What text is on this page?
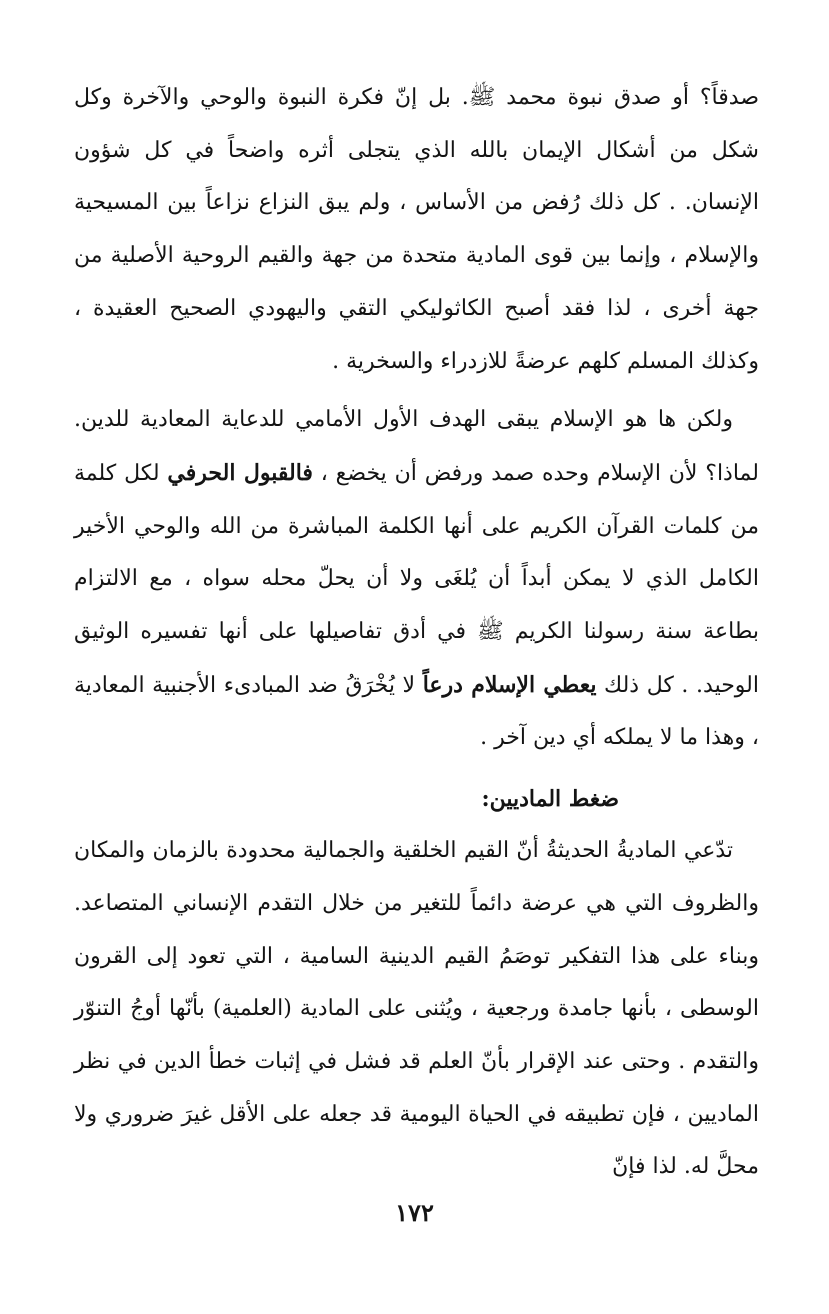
صدقاً؟ أو صدق نبوة محمد ﷺ. بل إنّ فكرة النبوة والوحي والآخرة وكل شكل من أشكال الإيمان بالله الذي يتجلى أثره واضحاً في كل شؤون الإنسان. . كل ذلك رُفض من الأساس ، ولم يبق النزاع نزاعاً بين المسيحية والإسلام ، وإنما بين قوى المادية متحدة من جهة والقيم الروحية الأصلية من جهة أخرى ، لذا فقد أصبح الكاثوليكي التقي واليهودي الصحيح العقيدة ، وكذلك المسلم كلهم عرضةً للازدراء والسخرية .

ولكن ها هو الإسلام يبقى الهدف الأول الأمامي للدعاية المعادية للدين. لماذا؟ لأن الإسلام وحده صمد ورفض أن يخضع ، فالقبول الحرفي لكل كلمة من كلمات القرآن الكريم على أنها الكلمة المباشرة من الله والوحي الأخير الكامل الذي لا يمكن أبداً أن يُلغَى ولا أن يحلّ محله سواه ، مع الالتزام بطاعة سنة رسولنا الكريم ﷺ في أدق تفاصيلها على أنها تفسيره الوثيق الوحيد. . كل ذلك يعطي الإسلام درعاً لا يُخْرَقُ ضد المبادىء الأجنبية المعادية ، وهذا ما لا يملكه أي دين آخر .

ضغط الماديين:

تدّعي الماديةُ الحديثةُ أنّ القيم الخلقية والجمالية محدودة بالزمان والمكان والظروف التي هي عرضة دائماً للتغير من خلال التقدم الإنساني المتصاعد. وبناء على هذا التفكير توصَمُ القيم الدينية السامية ، التي تعود إلى القرون الوسطى ، بأنها جامدة ورجعية ، ويُثنى على المادية (العلمية) بأنّها أوجُ التنوّر والتقدم . وحتى عند الإقرار بأنّ العلم قد فشل في إثبات خطأ الدين في نظر الماديين ، فإن تطبيقه في الحياة اليومية قد جعله على الأقل غيرَ ضروري ولا محلَّ له. لذا فإنّ

١٧٢
